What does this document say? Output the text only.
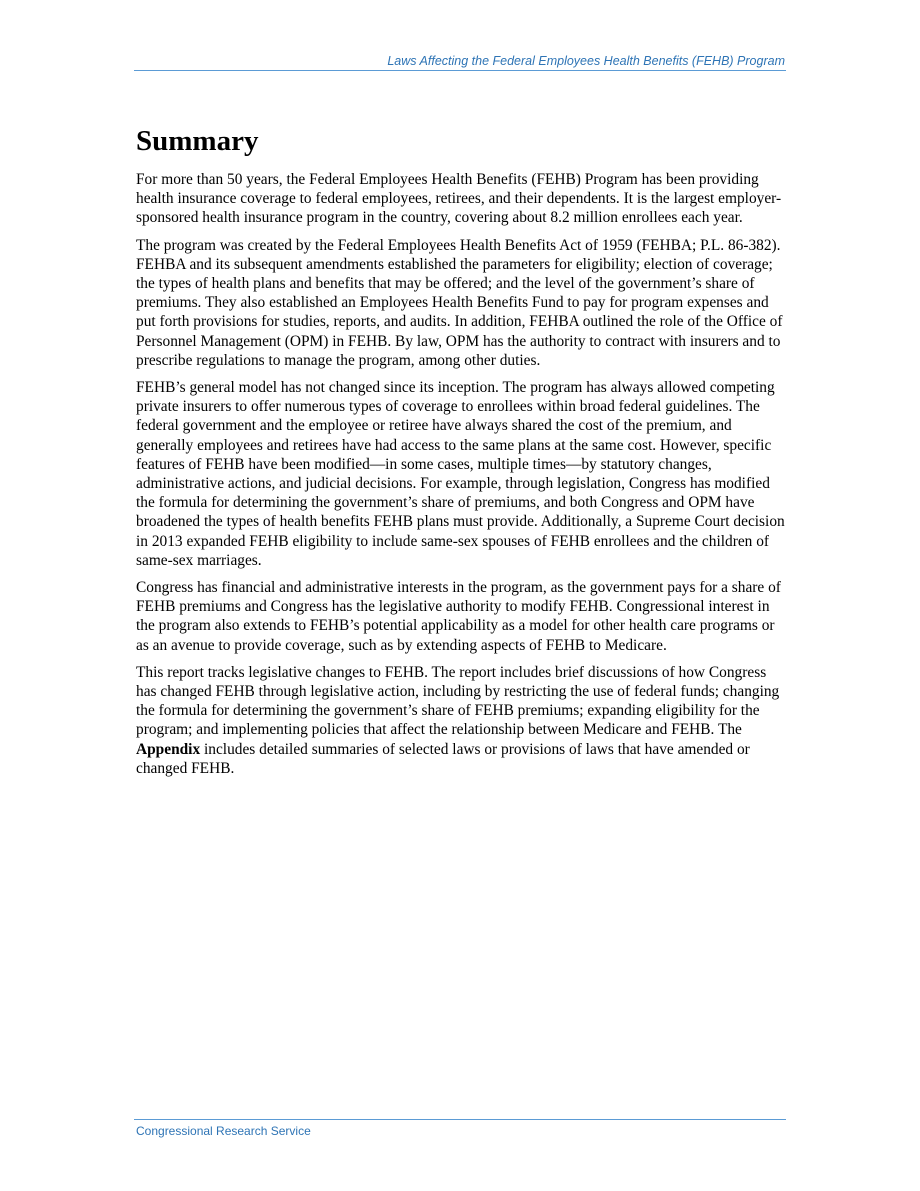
Laws Affecting the Federal Employees Health Benefits (FEHB) Program
Summary

For more than 50 years, the Federal Employees Health Benefits (FEHB) Program has been providing health insurance coverage to federal employees, retirees, and their dependents. It is the largest employer-sponsored health insurance program in the country, covering about 8.2 million enrollees each year.

The program was created by the Federal Employees Health Benefits Act of 1959 (FEHBA; P.L. 86-382). FEHBA and its subsequent amendments established the parameters for eligibility; election of coverage; the types of health plans and benefits that may be offered; and the level of the government’s share of premiums. They also established an Employees Health Benefits Fund to pay for program expenses and put forth provisions for studies, reports, and audits. In addition, FEHBA outlined the role of the Office of Personnel Management (OPM) in FEHB. By law, OPM has the authority to contract with insurers and to prescribe regulations to manage the program, among other duties.

FEHB’s general model has not changed since its inception. The program has always allowed competing private insurers to offer numerous types of coverage to enrollees within broad federal guidelines. The federal government and the employee or retiree have always shared the cost of the premium, and generally employees and retirees have had access to the same plans at the same cost. However, specific features of FEHB have been modified—in some cases, multiple times—by statutory changes, administrative actions, and judicial decisions. For example, through legislation, Congress has modified the formula for determining the government’s share of premiums, and both Congress and OPM have broadened the types of health benefits FEHB plans must provide. Additionally, a Supreme Court decision in 2013 expanded FEHB eligibility to include same-sex spouses of FEHB enrollees and the children of same-sex marriages.

Congress has financial and administrative interests in the program, as the government pays for a share of FEHB premiums and Congress has the legislative authority to modify FEHB. Congressional interest in the program also extends to FEHB’s potential applicability as a model for other health care programs or as an avenue to provide coverage, such as by extending aspects of FEHB to Medicare.

This report tracks legislative changes to FEHB. The report includes brief discussions of how Congress has changed FEHB through legislative action, including by restricting the use of federal funds; changing the formula for determining the government’s share of FEHB premiums; expanding eligibility for the program; and implementing policies that affect the relationship between Medicare and FEHB. The Appendix includes detailed summaries of selected laws or provisions of laws that have amended or changed FEHB.

Congressional Research Service
